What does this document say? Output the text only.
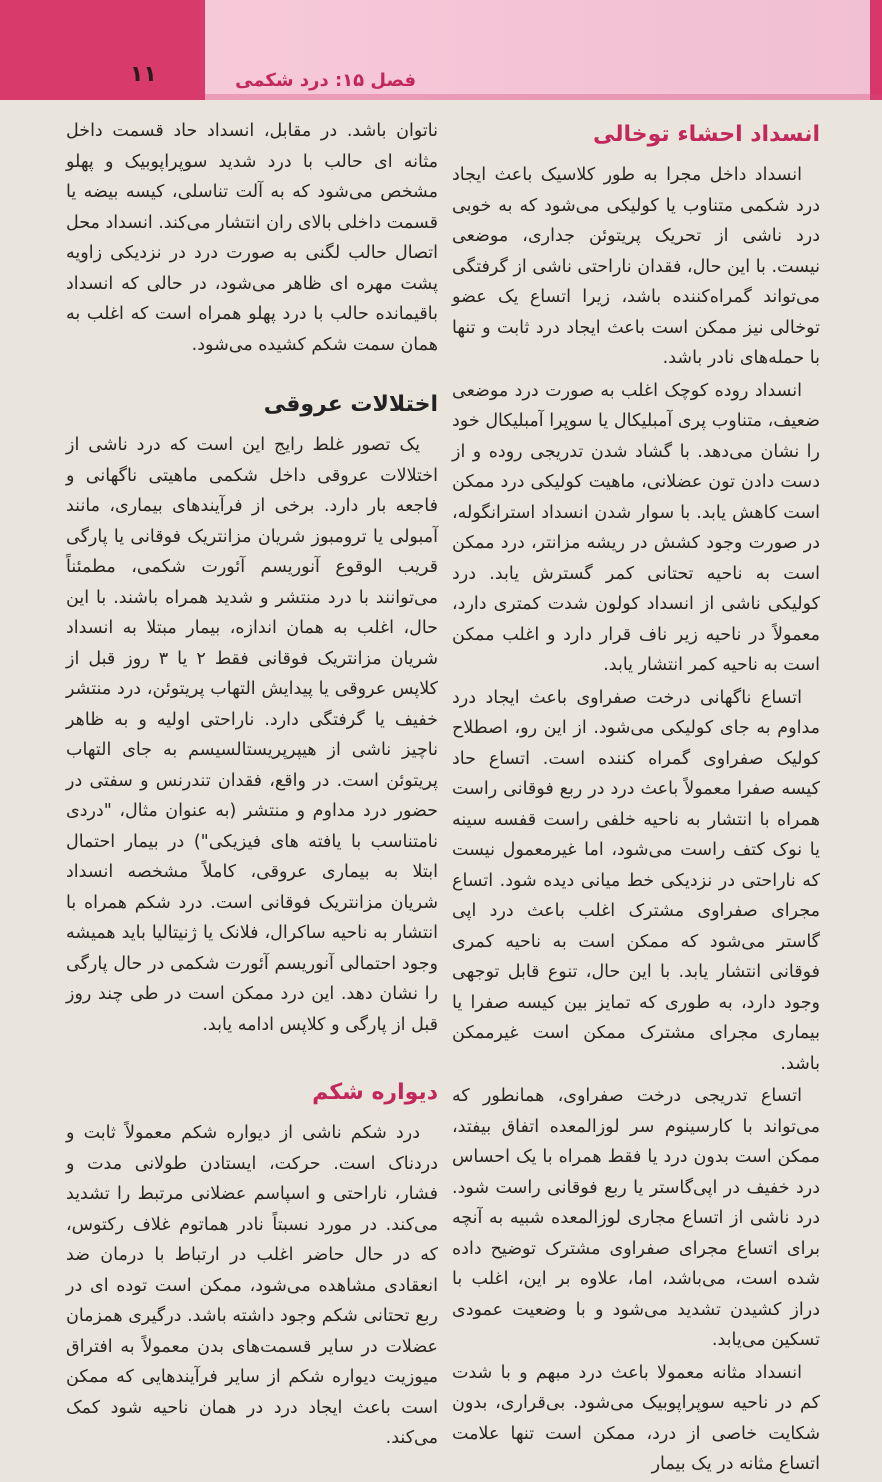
۱۱	فصل ۱۵: درد شکمی
انسداد احشاء توخالی

انسداد داخل مجرا به طور کلاسیک باعث ایجاد درد شکمی متناوب یا کولیکی می‌شود که به خوبی درد ناشی از تحریک پریتوئن جداری، موضعی نیست. با این حال، فقدان ناراحتی ناشی از گرفتگی می‌تواند گمراه‌کننده باشد، زیرا اتساع یک عضو توخالی نیز ممکن است باعث ایجاد درد ثابت و تنها با حمله‌های نادر باشد.

انسداد روده کوچک اغلب به صورت درد موضعی ضعیف، متناوب پری آمبلیکال یا سوپرا آمبلیکال خود را نشان می‌دهد. با گشاد شدن تدریجی روده و از دست دادن تون عضلانی، ماهیت کولیکی درد ممکن است کاهش یابد. با سوار شدن انسداد استرانگوله، در صورت وجود کشش در ریشه مزانتر، درد ممکن است به ناحیه تحتانی کمر گسترش یابد. درد کولیکی ناشی از انسداد کولون شدت کمتری دارد، معمولاً در ناحیه زیر ناف قرار دارد و اغلب ممکن است به ناحیه کمر انتشار یابد.

اتساع ناگهانی درخت صفراوی باعث ایجاد درد مداوم به جای کولیکی می‌شود. از این رو، اصطلاح کولیک صفراوی گمراه کننده است. اتساع حاد کیسه صفرا معمولاً باعث درد در ربع فوقانی راست همراه با انتشار به ناحیه خلفی راست قفسه سینه یا نوک کتف راست می‌شود، اما غیرمعمول نیست که ناراحتی در نزدیکی خط میانی دیده شود. اتساع مجرای صفراوی مشترک اغلب باعث درد اپی گاستر می‌شود که ممکن است به ناحیه کمری فوقانی انتشار یابد. با این حال، تنوع قابل توجهی وجود دارد، به طوری که تمایز بین کیسه صفرا یا بیماری مجرای مشترک ممکن است غیرممکن باشد.

اتساع تدریجی درخت صفراوی، همانطور که می‌تواند با کارسینوم سر لوزالمعده اتفاق بیفتد، ممکن است بدون درد یا فقط همراه با یک احساس درد خفیف در اپی‌گاستر یا ربع فوقانی راست شود. درد ناشی از اتساع مجاری لوزالمعده شبیه به آنچه برای اتساع مجرای صفراوی مشترک توضیح داده شده است، می‌باشد، اما، علاوه بر این، اغلب با دراز کشیدن تشدید می‌شود و با وضعیت عمودی تسکین می‌یابد.

انسداد مثانه معمولا باعث درد مبهم و با شدت کم در ناحیه سوپراپوبیک می‌شود. بی‌قراری، بدون شکایت خاصی از درد، ممکن است تنها علامت اتساع مثانه در یک بیمار

ناتوان باشد. در مقابل، انسداد حاد قسمت داخل مثانه ای حالب با درد شدید سوپراپوبیک و پهلو مشخص می‌شود که به آلت تناسلی، کیسه بیضه یا قسمت داخلی بالای ران انتشار می‌کند. انسداد محل اتصال حالب لگنی به صورت درد در نزدیکی زاویه پشت مهره ای ظاهر می‌شود، در حالی که انسداد باقیمانده حالب با درد پهلو همراه است که اغلب به همان سمت شکم کشیده می‌شود.

اختلالات عروقی

یک تصور غلط رایج این است که درد ناشی از اختلالات عروقی داخل شکمی ماهیتی ناگهانی و فاجعه بار دارد. برخی از فرآیندهای بیماری، مانند آمبولی یا ترومبوز شریان مزانتریک فوقانی یا پارگی قریب الوقوع آنوریسم آئورت شکمی، مطمئناً می‌توانند با درد منتشر و شدید همراه باشند. با این حال، اغلب به همان اندازه، بیمار مبتلا به انسداد شریان مزانتریک فوقانی فقط ۲ یا ۳ روز قبل از کلاپس عروقی یا پیدایش التهاب پریتوئن، درد منتشر خفیف یا گرفتگی دارد. ناراحتی اولیه و به ظاهر ناچیز ناشی از هیپرپریستالسیسم به جای التهاب پریتوئن است. در واقع، فقدان تندرنس و سفتی در حضور درد مداوم و منتشر (به عنوان مثال، "دردی نامتناسب با یافته های فیزیکی") در بیمار احتمال ابتلا به بیماری عروقی، کاملاً مشخصه انسداد شریان مزانتریک فوقانی است. درد شکم همراه با انتشار به ناحیه ساکرال، فلانک یا ژنیتالیا باید همیشه وجود احتمالی آنوریسم آئورت شکمی در حال پارگی را نشان دهد. این درد ممکن است در طی چند روز قبل از پارگی و کلاپس ادامه یابد.

دیواره شکم

درد شکم ناشی از دیواره شکم معمولاً ثابت و دردناک است. حرکت، ایستادن طولانی مدت و فشار، ناراحتی و اسپاسم عضلانی مرتبط را تشدید می‌کند. در مورد نسبتاً نادر هماتوم غلاف رکتوس، که در حال حاضر اغلب در ارتباط با درمان ضد انعقادی مشاهده می‌شود، ممکن است توده ای در ربع تحتانی شکم وجود داشته باشد. درگیری همزمان عضلات در سایر قسمت‌های بدن معمولاً به افتراق میوزیت دیواره شکم از سایر فرآیندهایی که ممکن است باعث ایجاد درد در همان ناحیه شود کمک می‌کند.
